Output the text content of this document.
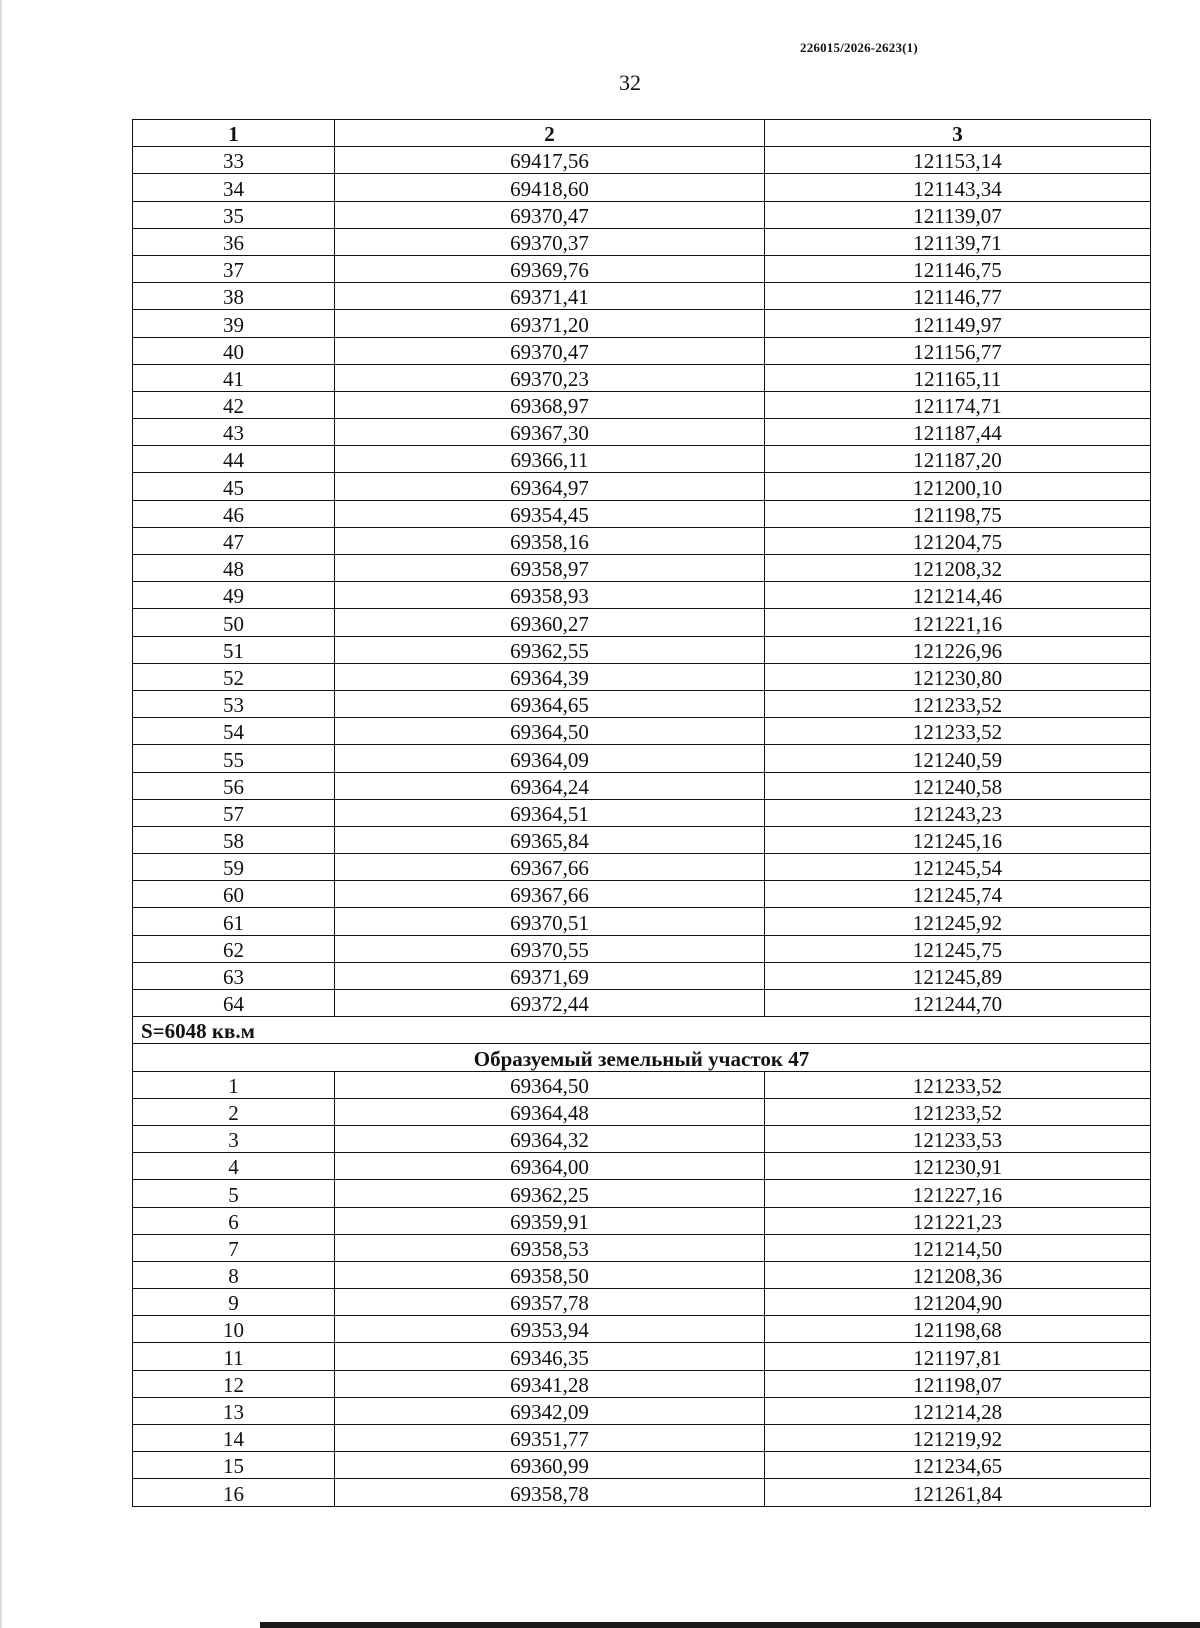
226015/2026-2623(1)
32
1	2	3
33	69417,56	121153,14
34	69418,60	121143,34
35	69370,47	121139,07
36	69370,37	121139,71
37	69369,76	121146,75
38	69371,41	121146,77
39	69371,20	121149,97
40	69370,47	121156,77
41	69370,23	121165,11
42	69368,97	121174,71
43	69367,30	121187,44
44	69366,11	121187,20
45	69364,97	121200,10
46	69354,45	121198,75
47	69358,16	121204,75
48	69358,97	121208,32
49	69358,93	121214,46
50	69360,27	121221,16
51	69362,55	121226,96
52	69364,39	121230,80
53	69364,65	121233,52
54	69364,50	121233,52
55	69364,09	121240,59
56	69364,24	121240,58
57	69364,51	121243,23
58	69365,84	121245,16
59	69367,66	121245,54
60	69367,66	121245,74
61	69370,51	121245,92
62	69370,55	121245,75
63	69371,69	121245,89
64	69372,44	121244,70
S=6048 кв.м		
Образуемый земельный участок 47		
1	69364,50	121233,52
2	69364,48	121233,52
3	69364,32	121233,53
4	69364,00	121230,91
5	69362,25	121227,16
6	69359,91	121221,23
7	69358,53	121214,50
8	69358,50	121208,36
9	69357,78	121204,90
10	69353,94	121198,68
11	69346,35	121197,81
12	69341,28	121198,07
13	69342,09	121214,28
14	69351,77	121219,92
15	69360,99	121234,65
16	69358,78	121261,84
